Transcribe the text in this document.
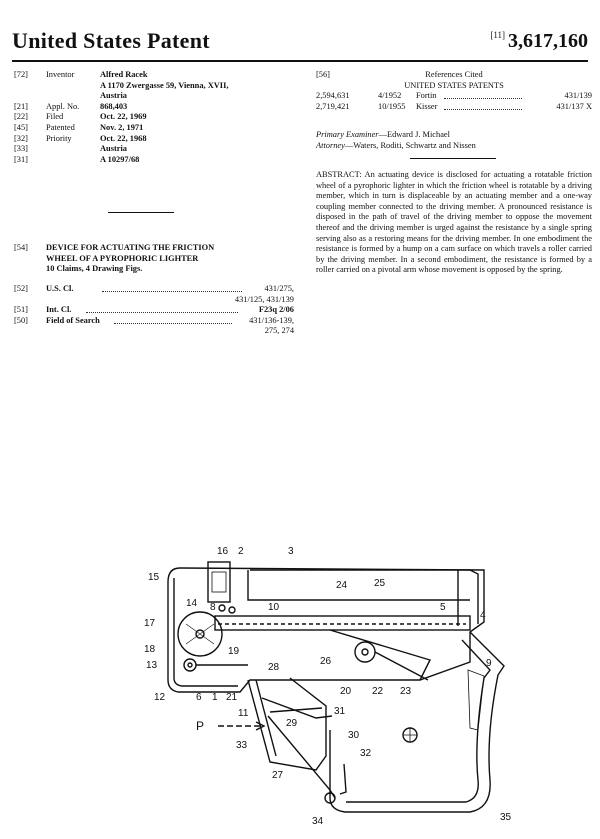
United States Patent	[11] 3,617,160
[72] Inventor	Alfred Racek
A 1170 Zwergasse 59, Vienna, XVII,
Austria
[21] Appl. No. 868,403
[22] Filed	Oct. 22, 1969
[45] Patented	Nov. 2, 1971
[32] Priority	Oct. 22, 1968
[33]	Austria
[31]	A 10297/68
[54] DEVICE FOR ACTUATING THE FRICTION
WHEEL OF A PYROPHORIC LIGHTER
10 Claims, 4 Drawing Figs.
[52] U.S. Cl.	431/275,
431/125, 431/139
[51] Int. Cl.	F23q 2/06
[50] Field of Search	431/136-139,
275, 274
[56]	References Cited
UNITED STATES PATENTS
2,594,631	4/1952 Fortin	431/139
2,719,421	10/1955 Kisser	431/137 X
Primary Examiner—Edward J. Michael
Attorney—Waters, Roditi, Schwartz and Nissen
ABSTRACT: An actuating device is disclosed for actuating a rotatable friction wheel of a pyrophoric lighter in which the friction wheel is rotatable by a driving member, which in turn is displaceable by an actuating member and a one-way coupling member connected to the driving member. A pronounced resistance is disposed in the path of travel of the driving member to oppose the movement thereof and the driving member is urged against the resistance by a single spring serving also as a restoring means for the driving member. In one embodiment the resistance is formed by a hump on a cam surface on which travels a roller carried by the driving member. In a second embodiment, the resistance is formed by a roller carried on a pivotal arm whose movement is opposed by the spring.
16 2	3
15
24	25
14 8	10	5
4
17
18	19
26	9
13	28
12	6 1 21
20 22 23
11	31
P	29
30
33
32
27
34	35
